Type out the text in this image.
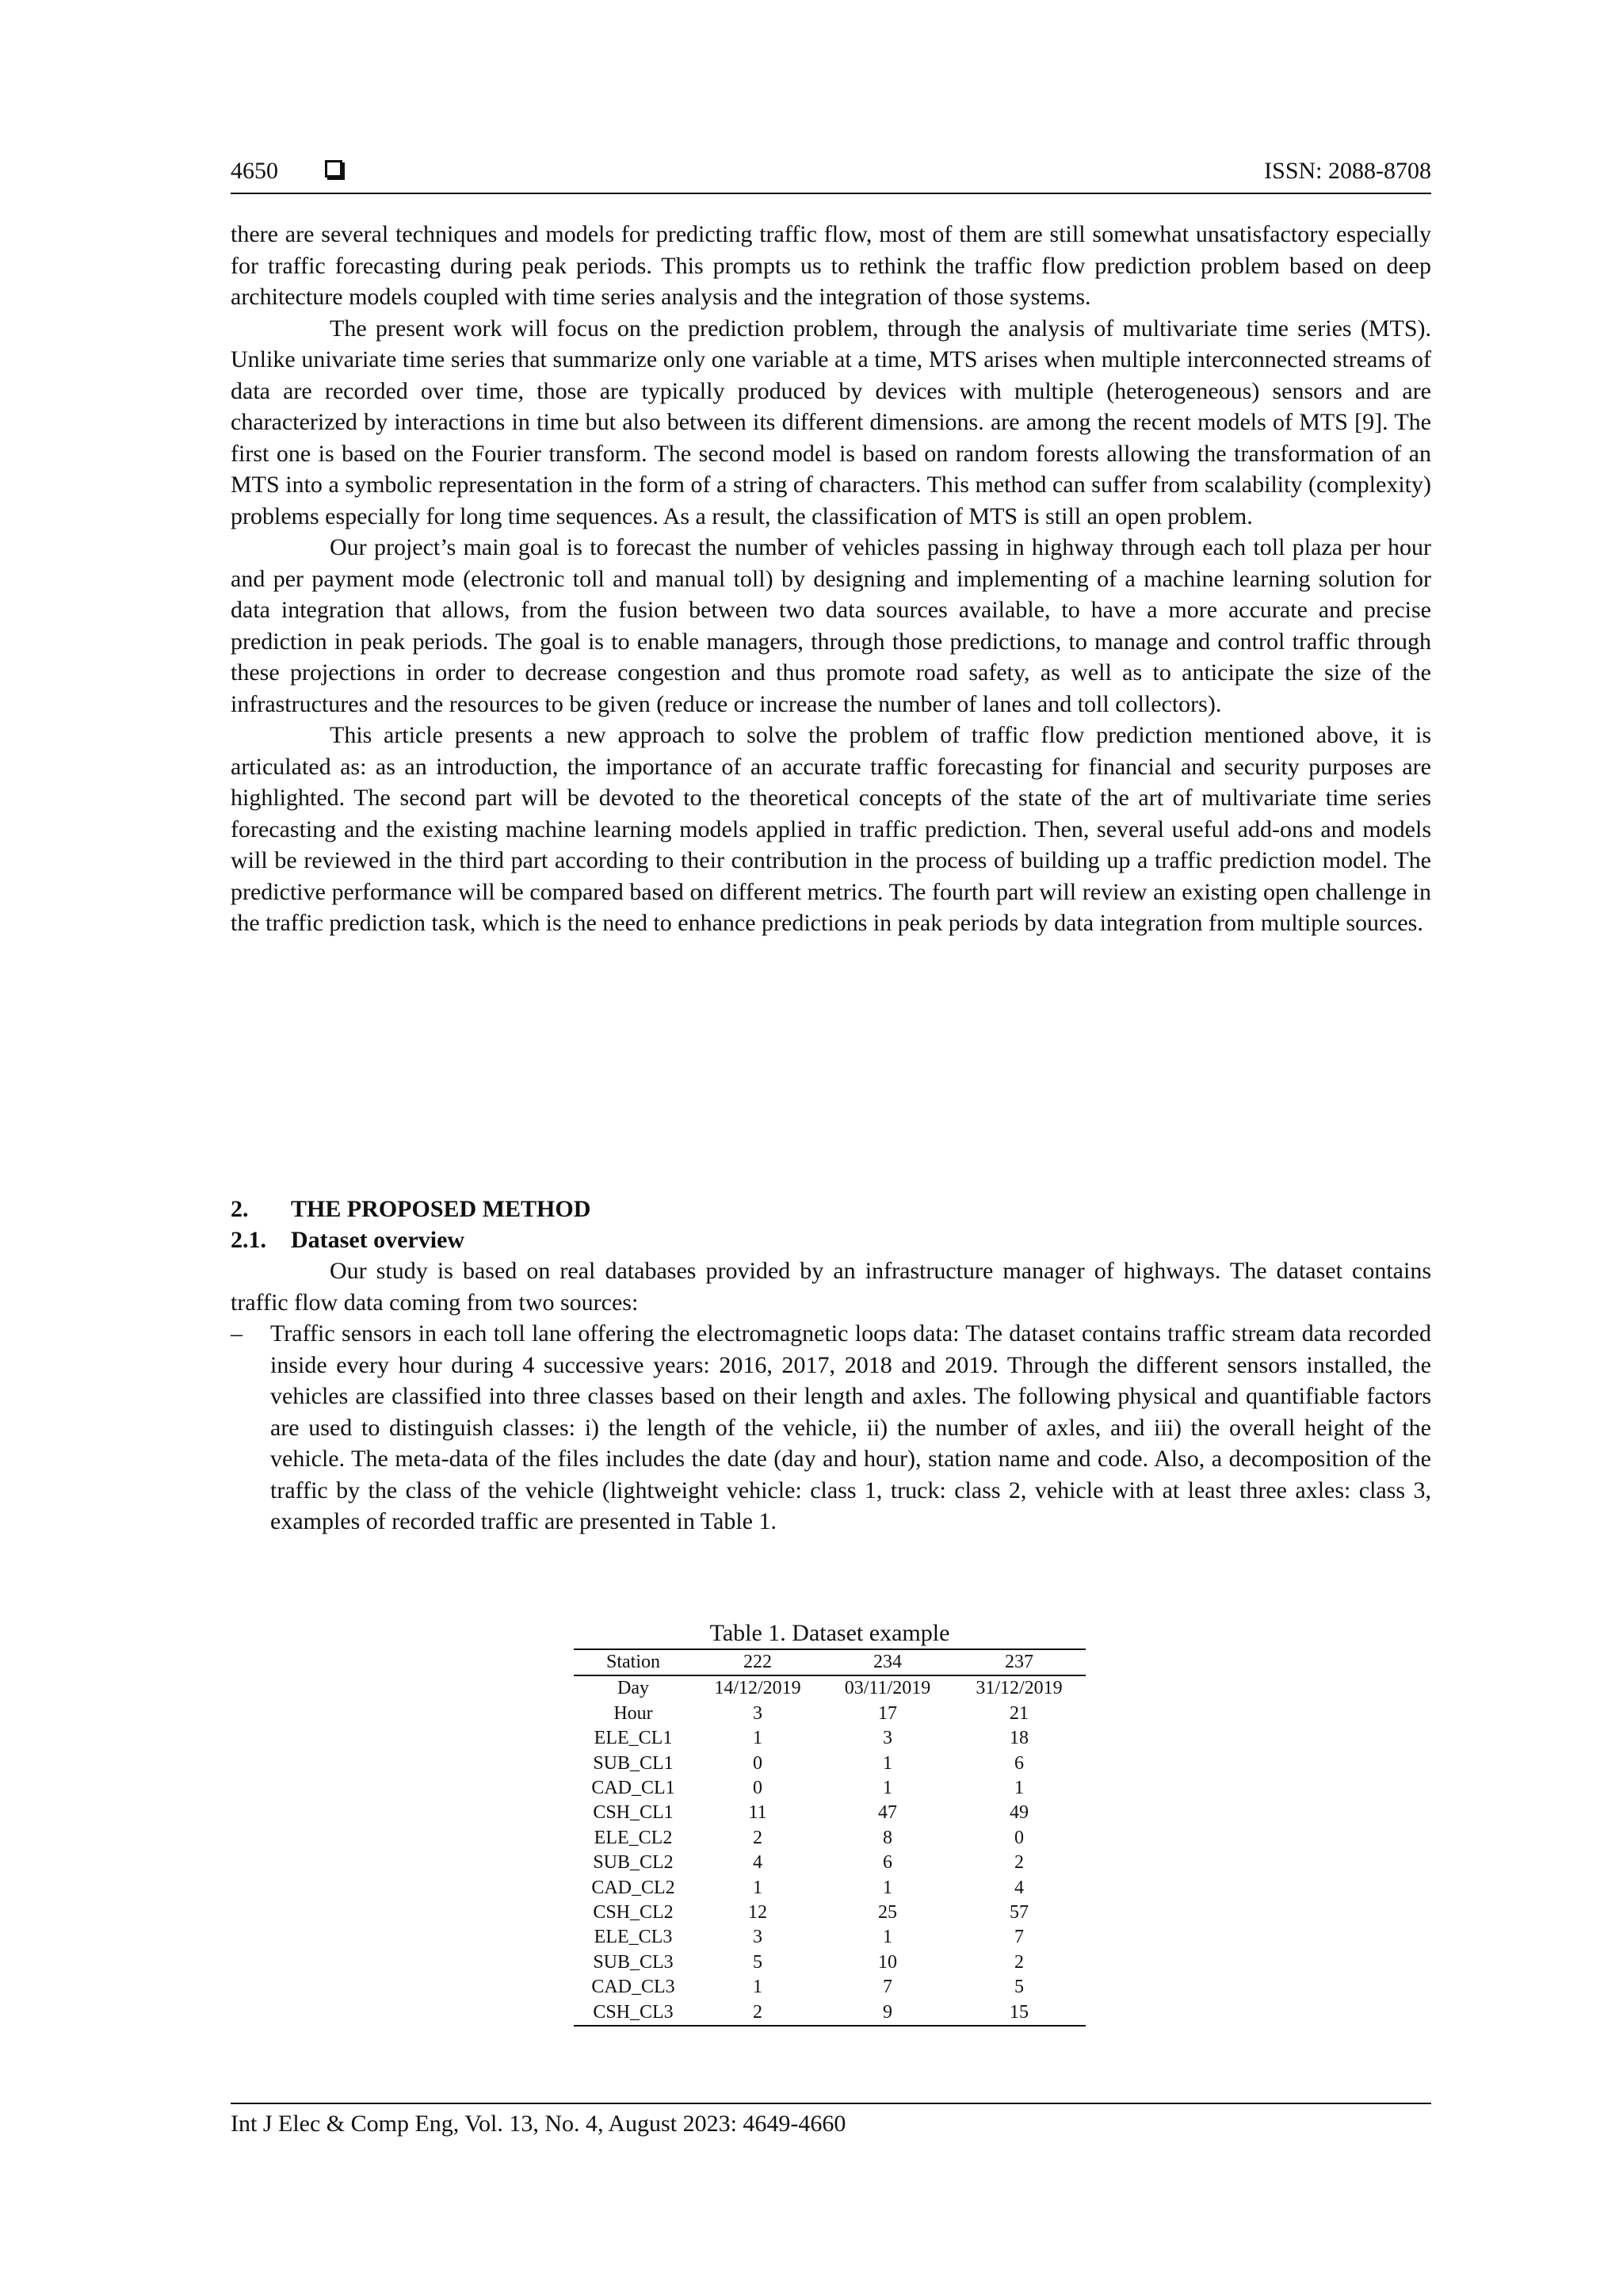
4650	ISSN: 2088-8708

there are several techniques and models for predicting traffic flow, most of them are still somewhat unsatisfactory especially for traffic forecasting during peak periods. This prompts us to rethink the traffic flow prediction problem based on deep architecture models coupled with time series analysis and the integration of those systems.

The present work will focus on the prediction problem, through the analysis of multivariate time series (MTS). Unlike univariate time series that summarize only one variable at a time, MTS arises when multiple interconnected streams of data are recorded over time, those are typically produced by devices with multiple (heterogeneous) sensors and are characterized by interactions in time but also between its different dimensions. are among the recent models of MTS [9]. The first one is based on the Fourier transform. The second model is based on random forests allowing the transformation of an MTS into a symbolic representation in the form of a string of characters. This method can suffer from scalability (complexity) problems especially for long time sequences. As a result, the classification of MTS is still an open problem.

Our project’s main goal is to forecast the number of vehicles passing in highway through each toll plaza per hour and per payment mode (electronic toll and manual toll) by designing and implementing of a machine learning solution for data integration that allows, from the fusion between two data sources available, to have a more accurate and precise prediction in peak periods. The goal is to enable managers, through those predictions, to manage and control traffic through these projections in order to decrease congestion and thus promote road safety, as well as to anticipate the size of the infrastructures and the resources to be given (reduce or increase the number of lanes and toll collectors).

This article presents a new approach to solve the problem of traffic flow prediction mentioned above, it is articulated as: as an introduction, the importance of an accurate traffic forecasting for financial and security purposes are highlighted. The second part will be devoted to the theoretical concepts of the state of the art of multivariate time series forecasting and the existing machine learning models applied in traffic prediction. Then, several useful add-ons and models will be reviewed in the third part according to their contribution in the process of building up a traffic prediction model. The predictive performance will be compared based on different metrics. The fourth part will review an existing open challenge in the traffic prediction task, which is the need to enhance predictions in peak periods by data integration from multiple sources.

2. THE PROPOSED METHOD
2.1. Dataset overview

Our study is based on real databases provided by an infrastructure manager of highways. The dataset contains traffic flow data coming from two sources:

– Traffic sensors in each toll lane offering the electromagnetic loops data: The dataset contains traffic stream data recorded inside every hour during 4 successive years: 2016, 2017, 2018 and 2019. Through the different sensors installed, the vehicles are classified into three classes based on their length and axles. The following physical and quantifiable factors are used to distinguish classes: i) the length of the vehicle, ii) the number of axles, and iii) the overall height of the vehicle. The meta-data of the files includes the date (day and hour), station name and code. Also, a decomposition of the traffic by the class of the vehicle (lightweight vehicle: class 1, truck: class 2, vehicle with at least three axles: class 3, examples of recorded traffic are presented in Table 1.
Table 1. Dataset example
Station	222	234	237
Day	14/12/2019	03/11/2019	31/12/2019
Hour	3	17	21
ELE_CL1	1	3	18
SUB_CL1	0	1	6
CAD_CL1	0	1	1
CSH_CL1	11	47	49
ELE_CL2	2	8	0
SUB_CL2	4	6	2
CAD_CL2	1	1	4
CSH_CL2	12	25	57
ELE_CL3	3	1	7
SUB_CL3	5	10	2
CAD_CL3	1	7	5
CSH_CL3	2	9	15
Int J Elec & Comp Eng, Vol. 13, No. 4, August 2023: 4649-4660
